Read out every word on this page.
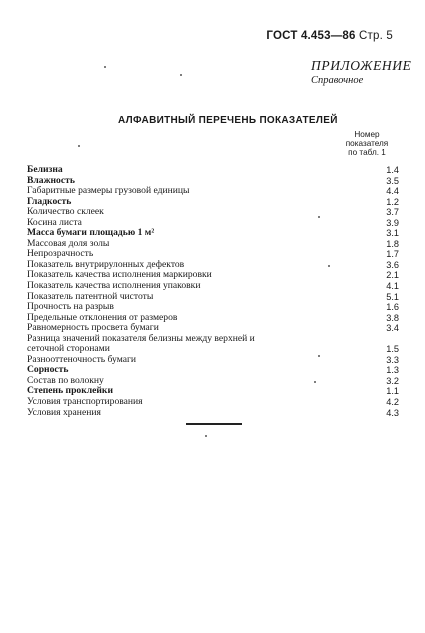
ГОСТ 4.453—86 Стр. 5
ПРИЛОЖЕНИЕ
Справочное
АЛФАВИТНЫЙ ПЕРЕЧЕНЬ ПОКАЗАТЕЛЕЙ
Номер
показателя
по табл. 1
Белизна	1.4
Влажность	3.5
Габаритные размеры грузовой единицы	4.4
Гладкость	1.2
Количество склеек	3.7
Косина листа	3.9
Масса бумаги площадью 1 м²	3.1
Массовая доля золы	1.8
Непрозрачность	1.7
Показатель внутрирулонных дефектов	3.6
Показатель качества исполнения маркировки	2.1
Показатель качества исполнения упаковки	4.1
Показатель патентной чистоты	5.1
Прочность на разрыв	1.6
Предельные отклонения от размеров	3.8
Равномерность просвета бумаги	3.4
Разница значений показателя белизны между верхней и сеточной сторонами	1.5
Разнооттеночность бумаги	3.3
Сорность	1.3
Состав по волокну	3.2
Степень проклейки	1.1
Условия транспортирования	4.2
Условия хранения	4.3
